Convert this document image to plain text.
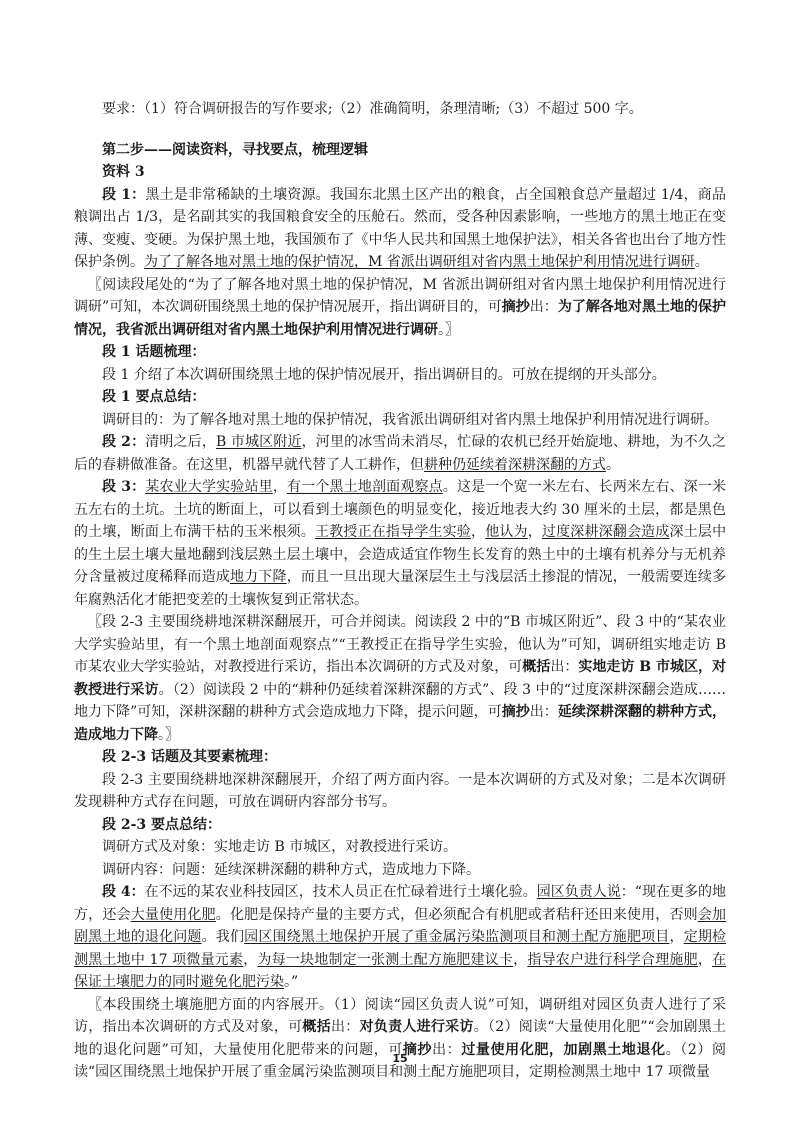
要求：（1）符合调研报告的写作要求;（2）准确简明，条理清晰;（3）不超过 500 字。

第二步——阅读资料，寻找要点，梳理逻辑

资料 3

段 1：黑土是非常稀缺的土壤资源。我国东北黑土区产出的粮食，占全国粮食总产量超过 1/4，商品粮调出占 1/3，是名副其实的我国粮食安全的压舱石。然而，受各种因素影响，一些地方的黑土地正在变薄、变瘦、变硬。为保护黑土地，我国颁布了《中华人民共和国黑土地保护法》，相关各省也出台了地方性保护条例。为了了解各地对黑土地的保护情况，M 省派出调研组对省内黑土地保护利用情况进行调研。

〖阅读段尾处的“为了了解各地对黑土地的保护情况，M 省派出调研组对省内黑土地保护利用情况进行调研”可知，本次调研围绕黑土地的保护情况展开，指出调研目的，可摘抄出：为了解各地对黑土地的保护情况，我省派出调研组对省内黑土地保护利用情况进行调研。〗

段 1 话题梳理：

段 1 介绍了本次调研围绕黑土地的保护情况展开，指出调研目的。可放在提纲的开头部分。

段 1 要点总结：

调研目的：为了解各地对黑土地的保护情况，我省派出调研组对省内黑土地保护利用情况进行调研。

段 2：清明之后，B 市城区附近，河里的冰雪尚未消尽，忙碌的农机已经开始旋地、耕地，为不久之后的春耕做准备。在这里，机器早就代替了人工耕作，但耕种仍延续着深耕深翻的方式。

段 3：某农业大学实验站里，有一个黑土地剖面观察点。这是一个宽一米左右、长两米左右、深一米五左右的土坑。土坑的断面上，可以看到土壤颜色的明显变化，接近地表大约 30 厘米的土层，都是黑色的土壤，断面上布满干枯的玉米根须。王教授正在指导学生实验，他认为，过度深耕深翻会造成深土层中的生土层土壤大量地翻到浅层熟土层土壤中，会造成适宜作物生长发育的熟土中的土壤有机养分与无机养分含量被过度稀释而造成地力下降，而且一旦出现大量深层生土与浅层活土掺混的情况，一般需要连续多年腐熟活化才能把变差的土壤恢复到正常状态。

〖段 2-3 主要围绕耕地深耕深翻展开，可合并阅读。阅读段 2 中的“B 市城区附近”、段 3 中的“某农业大学实验站里，有一个黑土地剖面观察点”“王教授正在指导学生实验，他认为”可知，调研组实地走访 B 市某农业大学实验站，对教授进行采访，指出本次调研的方式及对象，可概括出：实地走访 B 市城区，对教授进行采访。（2）阅读段 2 中的“耕种仍延续着深耕深翻的方式”、段 3 中的“过度深耕深翻会造成……地力下降”可知，深耕深翻的耕种方式会造成地力下降，提示问题，可摘抄出：延续深耕深翻的耕种方式，造成地力下降。〗

段 2-3 话题及其要素梳理：

段 2-3 主要围绕耕地深耕深翻展开，介绍了两方面内容。一是本次调研的方式及对象；二是本次调研发现耕种方式存在问题，可放在调研内容部分书写。

段 2-3 要点总结：

调研方式及对象：实地走访 B 市城区，对教授进行采访。

调研内容：问题：延续深耕深翻的耕种方式，造成地力下降。

段 4：在不远的某农业科技园区，技术人员正在忙碌着进行土壤化验。园区负责人说：“现在更多的地方，还会大量使用化肥。化肥是保持产量的主要方式，但必须配合有机肥或者秸秆还田来使用，否则会加剧黑土地的退化问题。我们园区围绕黑土地保护开展了重金属污染监测项目和测土配方施肥项目，定期检测黑土地中 17 项微量元素，为每一块地制定一张测土配方施肥建议卡，指导农户进行科学合理施肥，在保证土壤肥力的同时避免化肥污染。”

〖本段围绕土壤施肥方面的内容展开。（1）阅读“园区负责人说”可知，调研组对园区负责人进行了采访，指出本次调研的方式及对象，可概括出：对负责人进行采访。（2）阅读“大量使用化肥”“会加剧黑土地的退化问题”可知，大量使用化肥带来的问题，可摘抄出：过量使用化肥，加剧黑土地退化。（2）阅读“园区围绕黑土地保护开展了重金属污染监测项目和测土配方施肥项目，定期检测黑土地中 17 项微量

15
